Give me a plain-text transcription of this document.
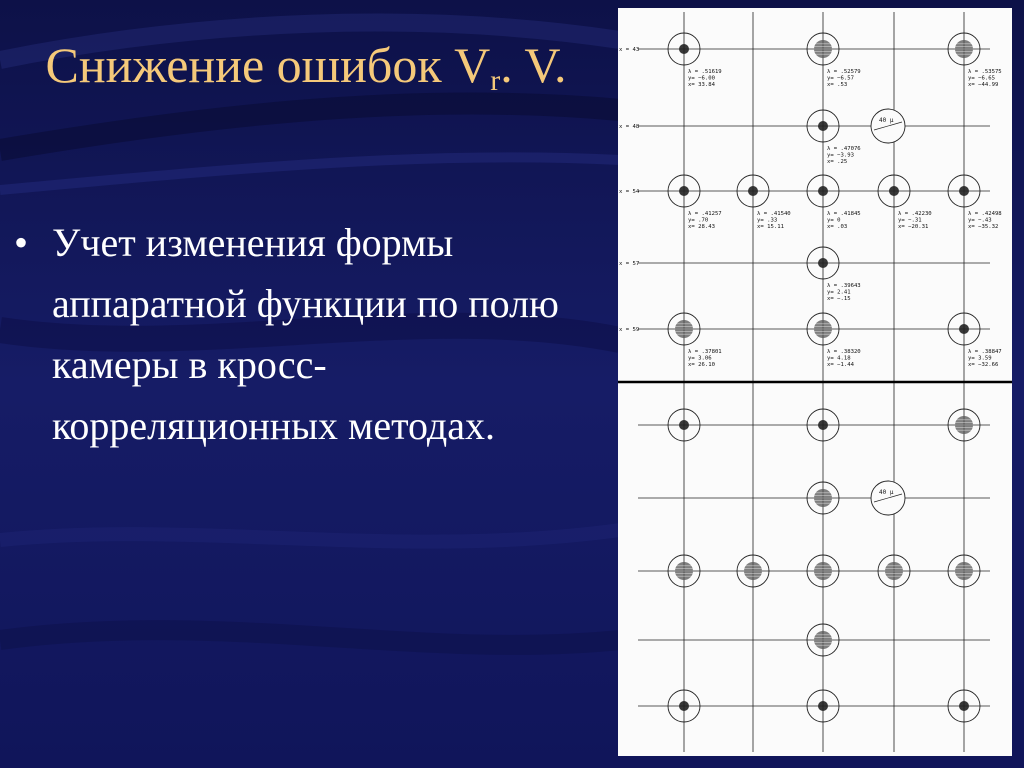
Снижение ошибок $V_r$. V.
• Учет изменения формы аппаратной функции по полю камеры в кросс-корреляционных методах.
x = 43
x = 48
x = 54
x = 57
x = 59
λ = .51619
y= −6.00
x= 33.84
λ = .52579
y= −6.57
x= .53
λ = .53575
y= −6.65
x= −44.99
λ = .47076
y= −3.93
x= .25
λ = .41257
y= .70
x= 28.43
λ = .41540
y= .33
x= 15.11
λ = .41845
y= 0
x= .03
λ = .42230
y= −.31
x= −20.31
λ = .42498
y= −.43
x= −35.32
λ = .39643
y= 2.41
x= −.15
λ = .37801
y= 3.06
x= 26.10
λ = .38320
y= 4.18
x= −1.44
λ = .38847
y= 3.59
x= −32.66
40 μ
40 μ
